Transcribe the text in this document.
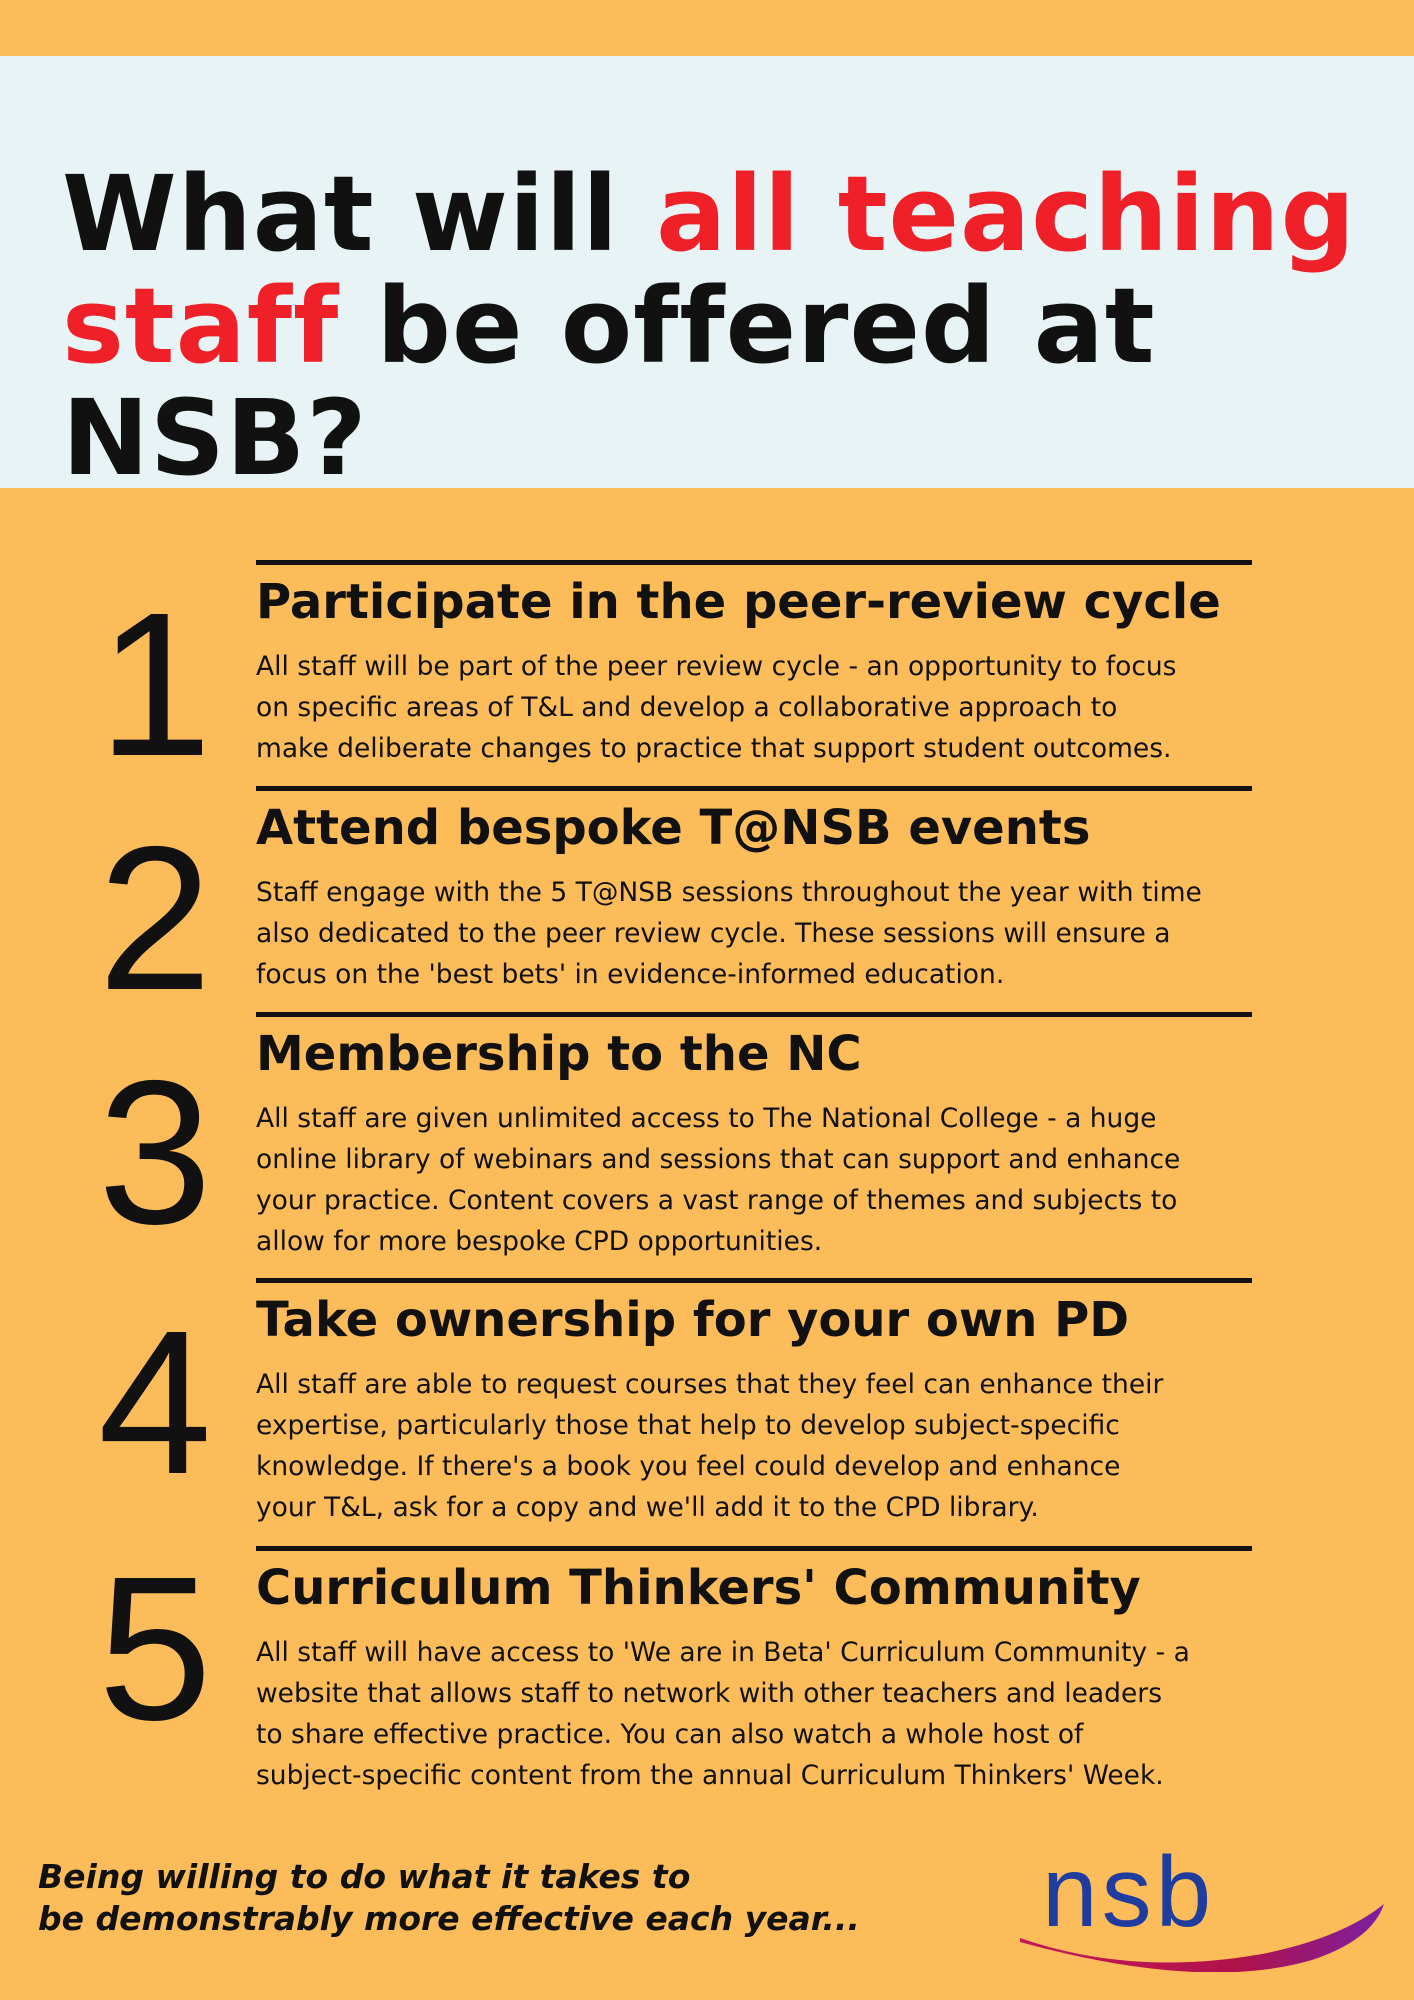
What will all teaching
staff be offered at NSB?
1 Participate in the peer-review cycle
All staff will be part of the peer review cycle - an opportunity to focus
on specific areas of T&L and develop a collaborative approach to
make deliberate changes to practice that support student outcomes.
2 Attend bespoke T@NSB events
Staff engage with the 5 T@NSB sessions throughout the year with time
also dedicated to the peer review cycle. These sessions will ensure a
focus on the 'best bets' in evidence-informed education.
3 Membership to the NC
All staff are given unlimited access to The National College - a huge
online library of webinars and sessions that can support and enhance
your practice. Content covers a vast range of themes and subjects to
allow for more bespoke CPD opportunities.
4 Take ownership for your own PD
All staff are able to request courses that they feel can enhance their
expertise, particularly those that help to develop subject-specific
knowledge. If there's a book you feel could develop and enhance
your T&L, ask for a copy and we'll add it to the CPD library.
5 Curriculum Thinkers' Community
All staff will have access to 'We are in Beta' Curriculum Community - a
website that allows staff to network with other teachers and leaders
to share effective practice. You can also watch a whole host of
subject-specific content from the annual Curriculum Thinkers' Week.
Being willing to do what it takes to
be demonstrably more effective each year...	nsb
